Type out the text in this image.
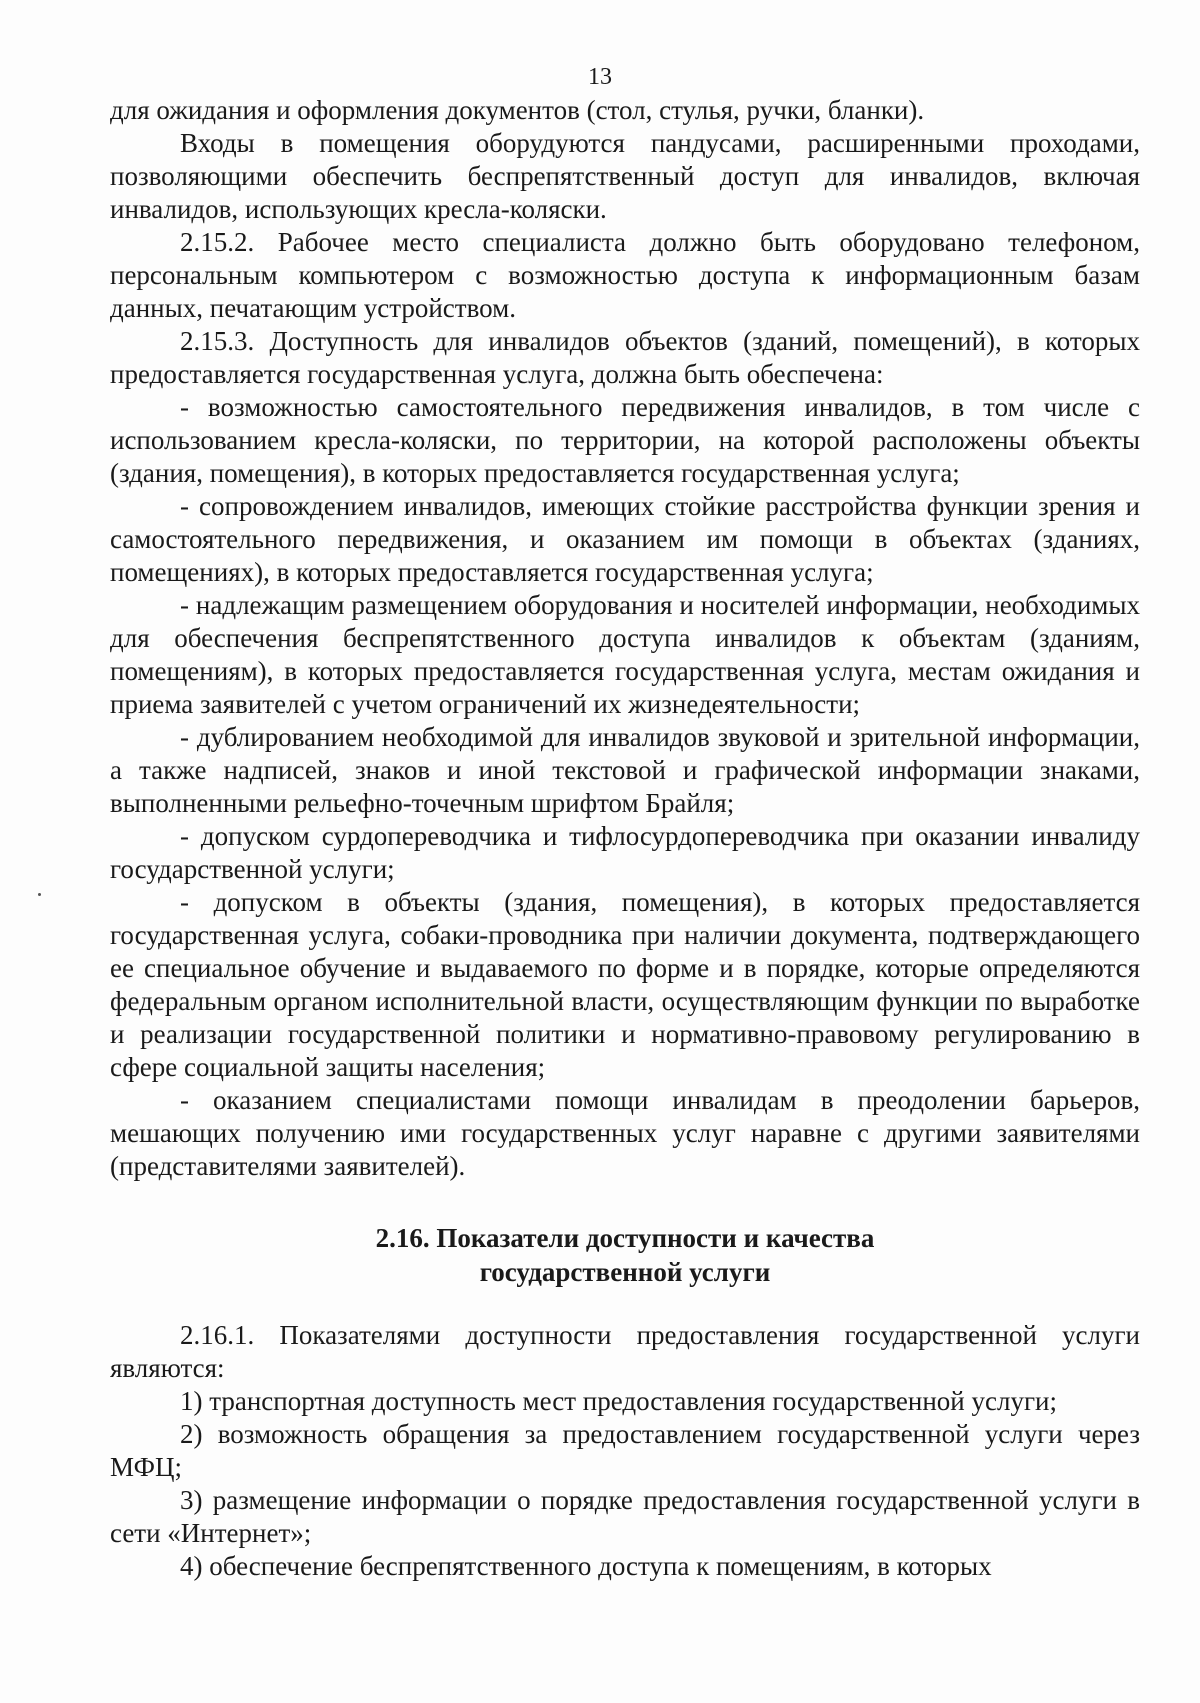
13

для ожидания и оформления документов (стол, стулья, ручки, бланки).

Входы в помещения оборудуются пандусами, расширенными проходами, позволяющими обеспечить беспрепятственный доступ для инвалидов, включая инвалидов, использующих кресла-коляски.

2.15.2. Рабочее место специалиста должно быть оборудовано телефоном, персональным компьютером с возможностью доступа к информационным базам данных, печатающим устройством.

2.15.3. Доступность для инвалидов объектов (зданий, помещений), в которых предоставляется государственная услуга, должна быть обеспечена:

- возможностью самостоятельного передвижения инвалидов, в том числе с использованием кресла-коляски, по территории, на которой расположены объекты (здания, помещения), в которых предоставляется государственная услуга;

- сопровождением инвалидов, имеющих стойкие расстройства функции зрения и самостоятельного передвижения, и оказанием им помощи в объектах (зданиях, помещениях), в которых предоставляется государственная услуга;

- надлежащим размещением оборудования и носителей информации, необходимых для обеспечения беспрепятственного доступа инвалидов к объектам (зданиям, помещениям), в которых предоставляется государственная услуга, местам ожидания и приема заявителей с учетом ограничений их жизнедеятельности;

- дублированием необходимой для инвалидов звуковой и зрительной информации, а также надписей, знаков и иной текстовой и графической информации знаками, выполненными рельефно-точечным шрифтом Брайля;

- допуском сурдопереводчика и тифлосурдопереводчика при оказании инвалиду государственной услуги;

- допуском в объекты (здания, помещения), в которых предоставляется государственная услуга, собаки-проводника при наличии документа, подтверждающего ее специальное обучение и выдаваемого по форме и в порядке, которые определяются федеральным органом исполнительной власти, осуществляющим функции по выработке и реализации государственной политики и нормативно-правовому регулированию в сфере социальной защиты населения;

- оказанием специалистами помощи инвалидам в преодолении барьеров, мешающих получению ими государственных услуг наравне с другими заявителями (представителями заявителей).

2.16. Показатели доступности и качества
государственной услуги

2.16.1. Показателями доступности предоставления государственной услуги являются:

1) транспортная доступность мест предоставления государственной услуги;

2) возможность обращения за предоставлением государственной услуги через МФЦ;

3) размещение информации о порядке предоставления государственной услуги в сети «Интернет»;

4) обеспечение беспрепятственного доступа к помещениям, в которых
